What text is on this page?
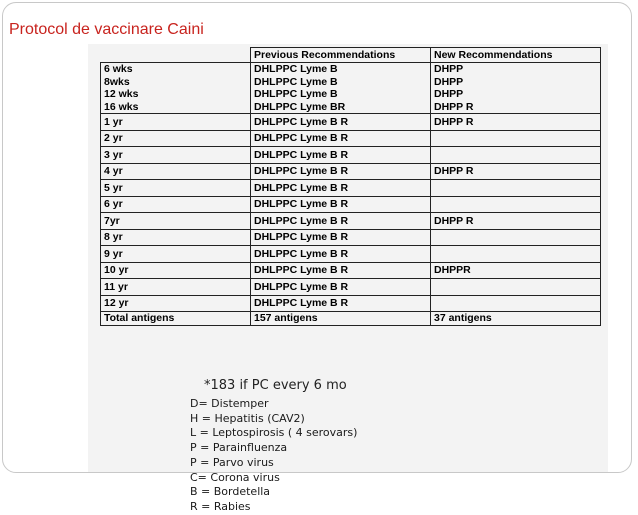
Protocol de vaccinare Caini
	Previous Recommendations	New Recommendations
6 wks	DHLPPC Lyme B	DHPP
8wks	DHLPPC Lyme B	DHPP
12 wks	DHLPPC Lyme B	DHPP
16 wks	DHLPPC Lyme BR	DHPP R
1 yr	DHLPPC Lyme B R	DHPP R
2 yr	DHLPPC Lyme B R	
3 yr	DHLPPC Lyme B R	
4 yr	DHLPPC Lyme B R	DHPP R
5 yr	DHLPPC Lyme B R	
6 yr	DHLPPC Lyme B R	
7yr	DHLPPC Lyme B R	DHPP R
8 yr	DHLPPC Lyme B R	
9 yr	DHLPPC Lyme B R	
10 yr	DHLPPC Lyme B R	DHPPR
11 yr	DHLPPC Lyme B R	
12 yr	DHLPPC Lyme B R	
Total antigens	157 antigens	37 antigens
*183 if PC every 6 mo
D= Distemper
H = Hepatitis (CAV2)
L = Leptospirosis ( 4 serovars)
P = Parainfluenza
P = Parvo virus
C= Corona virus
B = Bordetella
R = Rabies
